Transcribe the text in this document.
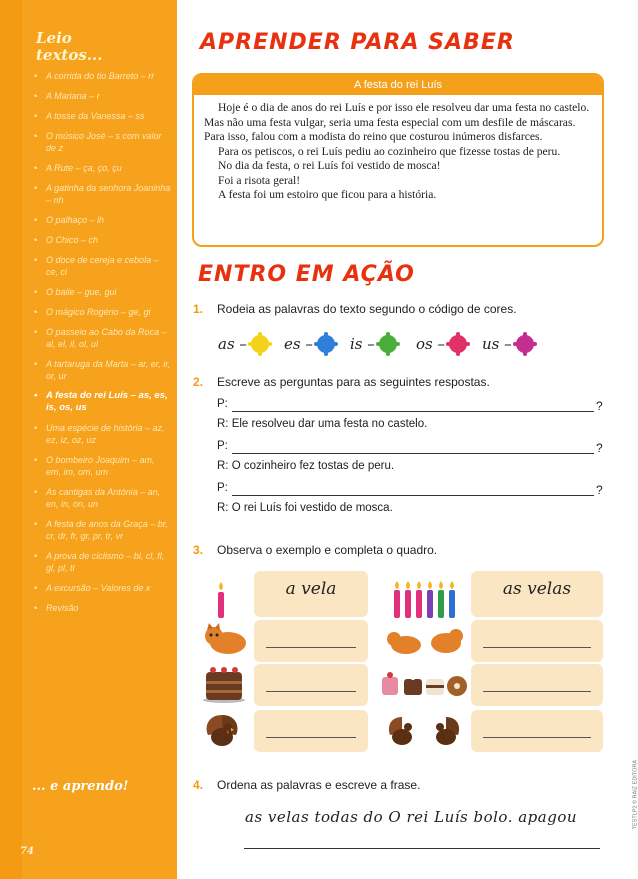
Leio
textos...
• A corrida do tio Barreto – rr
• A Mariana – r
• A tosse da Vanessa – ss
• O músico José – s com valor de z
• A Rute – ça, ço, çu
• A gatinha da senhora Joaninha – nh
• O palhaço – lh
• O Chico – ch
• O doce de cereja e cebola – ce, ci
• O baile – gue, gui
• O mágico Rogério – ge, gi
• O passeio ao Cabo da Roca – al, el, il, ol, ul
• A tartaruga da Marta – ar, er, ir, or, ur
• A festa do rei Luís – as, es, is, os, us
• Uma espécie de história – az, ez, iz, oz, uz
• O bombeiro Joaquim – am, em, im, om, um
• As cantigas da Antónia – an, en, in, on, un
• A festa de anos da Graça – br, cr, dr, fr, gr, pr, tr, vr
• A prova de ciclismo – bl, cl, fl, gl, pl, tl
• A excursão – Valores de x
• Revisão
... e aprendo!
74
TESTLP2 © RAIZ EDITORA
APRENDER PARA SABER
A festa do rei Luís

Hoje é o dia de anos do rei Luís e por isso ele resolveu dar uma festa no castelo. Mas não uma festa vulgar, seria uma festa especial com um desfile de máscaras. Para isso, falou com a modista do reino que costurou inúmeros disfarces.

Para os petiscos, o rei Luís pediu ao cozinheiro que fizesse tostas de peru.

No dia da festa, o rei Luís foi vestido de mosca!

Foi a risota geral!

A festa foi um estoiro que ficou para a história.

ENTRO EM AÇÃO
1. Rodeia as palavras do texto segundo o código de cores.
as – es – is –	os – us –
2. Escreve as perguntas para as seguintes respostas.
P:	?
R: Ele resolveu dar uma festa no castelo.
P:	?
R: O cozinheiro fez tostas de peru.
P:	?
R: O rei Luís foi vestido de mosca.
3. Observa o exemplo e completa o quadro.
a vela	as velas
4. Ordena as palavras e escreve a frase.
as velas todas do O rei Luís bolo. apagou
